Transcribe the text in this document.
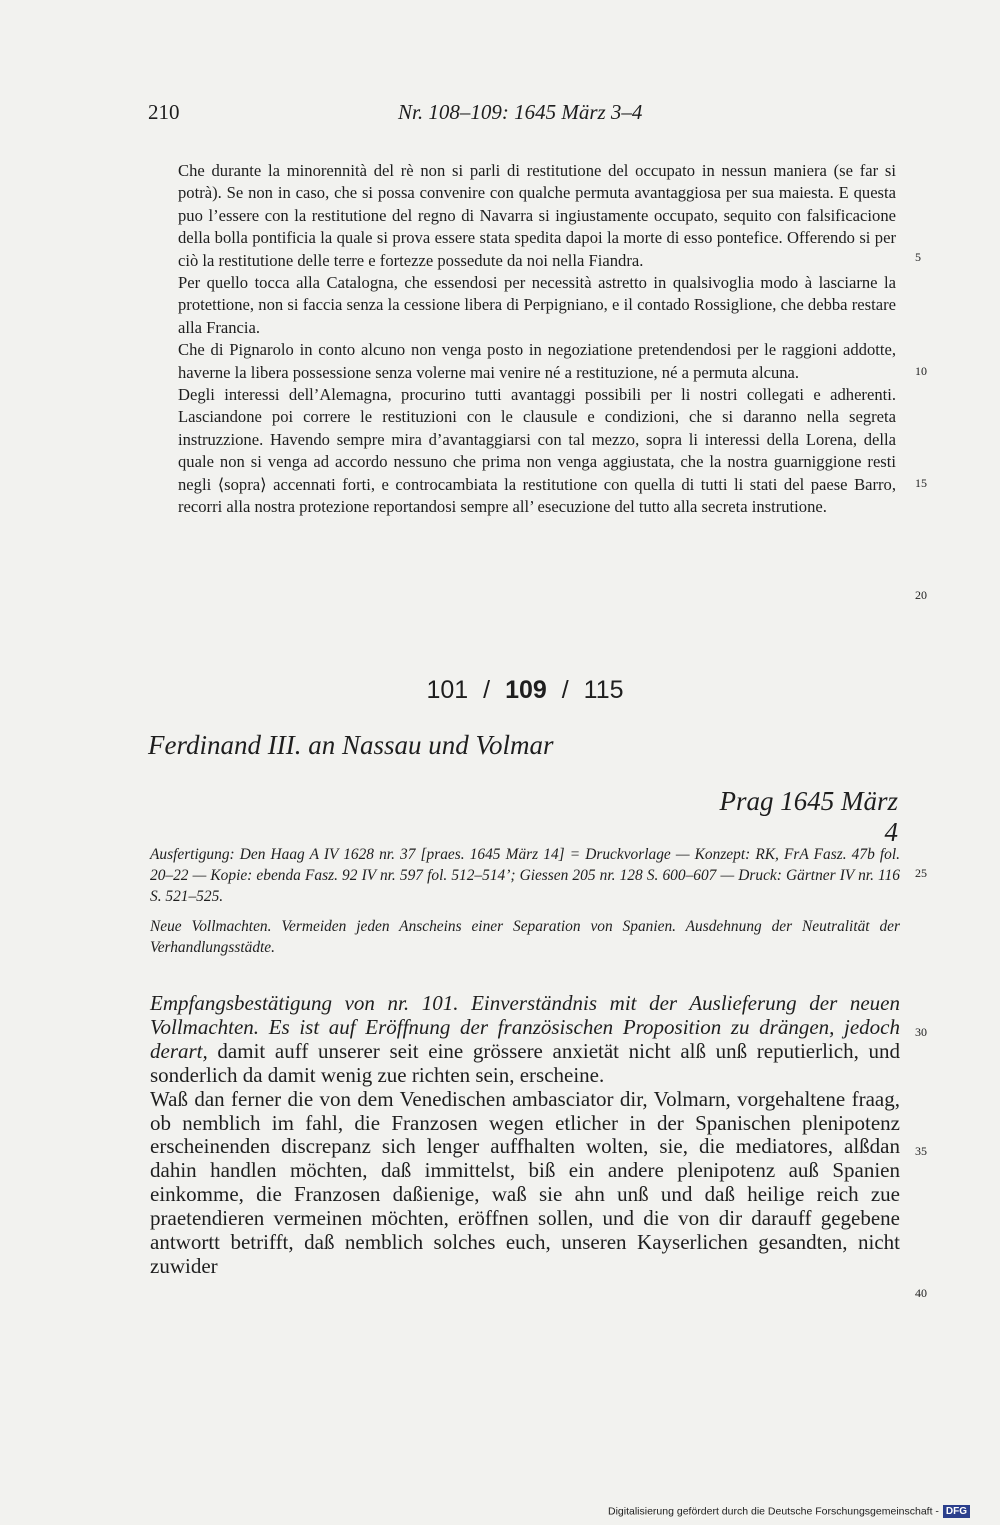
210	Nr. 108–109: 1645 März 3–4

Che durante la minorennità del rè non si parli di restitutione del occupato in nessun maniera (se far si potrà). Se non in caso, che si possa convenire con qualche permuta avantaggiosa per sua maiesta. E questa puo l’essere con la restitutione del regno di Navarra si ingiustamente occupato, sequito con falsificacione della bolla pontificia la quale si prova essere stata spedita dapoi la morte di esso pontefice. Offerendo si per ciò la restitutione delle terre e fortezze possedute da noi nella Fiandra.

Per quello tocca alla Catalogna, che essendosi per necessità astretto in qualsivoglia modo à lasciarne la protettione, non si faccia senza la cessione libera di Perpigniano, e il contado Rossiglione, che debba restare alla Francia.

Che di Pignarolo in conto alcuno non venga posto in negoziatione pretendendosi per le raggioni addotte, haverne la libera possessione senza volerne mai venire né a restituzione, né a permuta alcuna.

Degli interessi dell’Alemagna, procurino tutti avantaggi possibili per li nostri collegati e adherenti. Lasciandone poi correre le restituzioni con le clausule e condizioni, che si daranno nella segreta instruzzione. Havendo sempre mira d’avantaggiarsi con tal mezzo, sopra li interessi della Lorena, della quale non si venga ad accordo nessuno che prima non venga aggiustata, che la nostra guarniggione resti negli ⟨sopra⟩ accennati forti, e controcambiata la restitutione con quella di tutti li stati del paese Barro, recorri alla nostra protezione reportandosi sempre all’ esecuzione del tutto alla secreta instrutione.

5
10
15
20
25
30
35
40
101 / 109 / 115
Ferdinand III. an Nassau und Volmar
Prag 1645 März 4

Ausfertigung: Den Haag A IV 1628 nr. 37 [praes. 1645 März 14] = Druckvorlage — Konzept: RK, FrA Fasz. 47b fol. 20–22 — Kopie: ebenda Fasz. 92 IV nr. 597 fol. 512–514’; Giessen 205 nr. 128 S. 600–607 — Druck: Gärtner IV nr. 116 S. 521–525.

Neue Vollmachten. Vermeiden jeden Anscheins einer Separation von Spanien. Ausdehnung der Neutralität der Verhandlungsstädte.

Empfangsbestätigung von nr. 101. Einverständnis mit der Auslieferung der neuen Vollmachten. Es ist auf Eröffnung der französischen Proposition zu drängen, jedoch derart, damit auff unserer seit eine grössere anxietät nicht alß unß reputierlich, und sonderlich da damit wenig zue richten sein, erscheine.

Waß dan ferner die von dem Venedischen ambasciator dir, Volmarn, vorgehaltene fraag, ob nemblich im fahl, die Franzosen wegen etlicher in der Spanischen plenipotenz erscheinenden discrepanz sich lenger auffhalten wolten, sie, die mediatores, alßdan dahin handlen möchten, daß immittelst, biß ein andere plenipotenz auß Spanien einkomme, die Franzosen daßienige, waß sie ahn unß und daß heilige reich zue praetendieren vermeinen möchten, eröffnen sollen, und die von dir darauff gegebene antwortt betrifft, daß nemblich solches euch, unseren Kayserlichen gesandten, nicht zuwider

Digitalisierung gefördert durch die Deutsche Forschungsgemeinschaft - DFG
